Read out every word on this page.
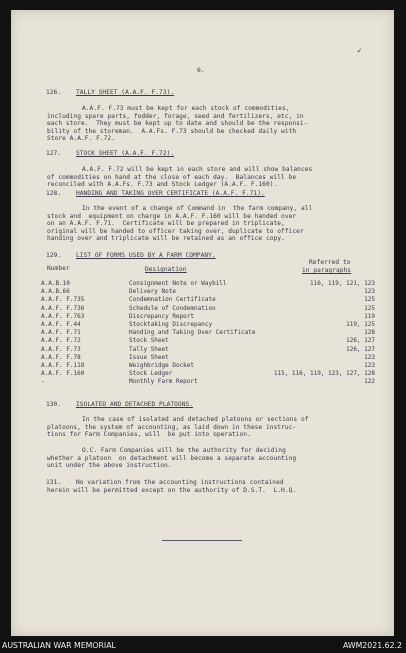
6.
✓
126. TALLY SHEET (A.A.F. F.73).
A.A.F. F.73 must be kept for each stock of commodities,
including spare parts, fodder, forage, seed and fertilizers, etc, in
each store.  They must be kept up to date and should be the responsi-
bility of the storeman.  A.A.Fs. F.73 should be checked daily with
Store A.A.F. F.72.
127. STOCK SHEET (A.A.F. F.72).
A.A.F. F.72 will be kept in each store and will show balances
of commodities on hand at the close of each day.  Balances will be
reconciled with A.A.Fs. F.73 and Stock Ledger (A.A.F. F.160).
128. HANDING AND TAKING OVER CERTIFICATE (A.A.F. F.71).
In the event of a change of Command in  the farm company, all
stock and  equipment on charge in A.A.F. F.160 will be handed over
on an A.A.F. F.71.  Certificate will be prepared in triplicate,
original will be handed to officer taking over, duplicate to officer
handing over and triplicate will be retained as an office copy.
129. LIST OF FORMS USED BY A FARM COMPANY.
Number	Designation
Referred to
in paragraphs
A.A.B.10	Consignment Note or Waybill	116, 119, 121, 123
A.A.B.66	Delivery Note	123
A.A.F. F.735	Condemnation Certificate	125
A.A.F. F.736	Schedule of Condemnation	125
A.A.F. F.763	Discrepancy Report	119
A.A.F. F.44	Stocktaking Discrepancy	119, 125
A.A.F. F.71	Handing and Taking Over Certificate	128
A.A.F. F.72	Stock Sheet	126, 127
A.A.F. F.73	Tally Sheet	126, 127
A.A.F. F.78	Issue Sheet	123
A.A.F. F.118	Weighbridge Docket	123
A.A.F. F.160	Stock Ledger	115, 116, 119, 123, 127, 128
-	Monthly Farm Report	122
130. ISOLATED AND DETACHED PLATOONS.
In the case of isolated and detached platoons or sections of
platoons, the system of accounting, as laid down in these instruc-
tions for Farm Companies, will  be put into operation.
O.C. Farm Companies will be the authority for deciding
whether a platoon  on detachment will become a separate accounting
unit under the above instruction.
131. No variation from the accounting instructions contained
herein will be permitted except on the authority of D.S.T.  L.H.Q.
AUSTRALIAN WAR MEMORIAL	AWM2021.62.2
